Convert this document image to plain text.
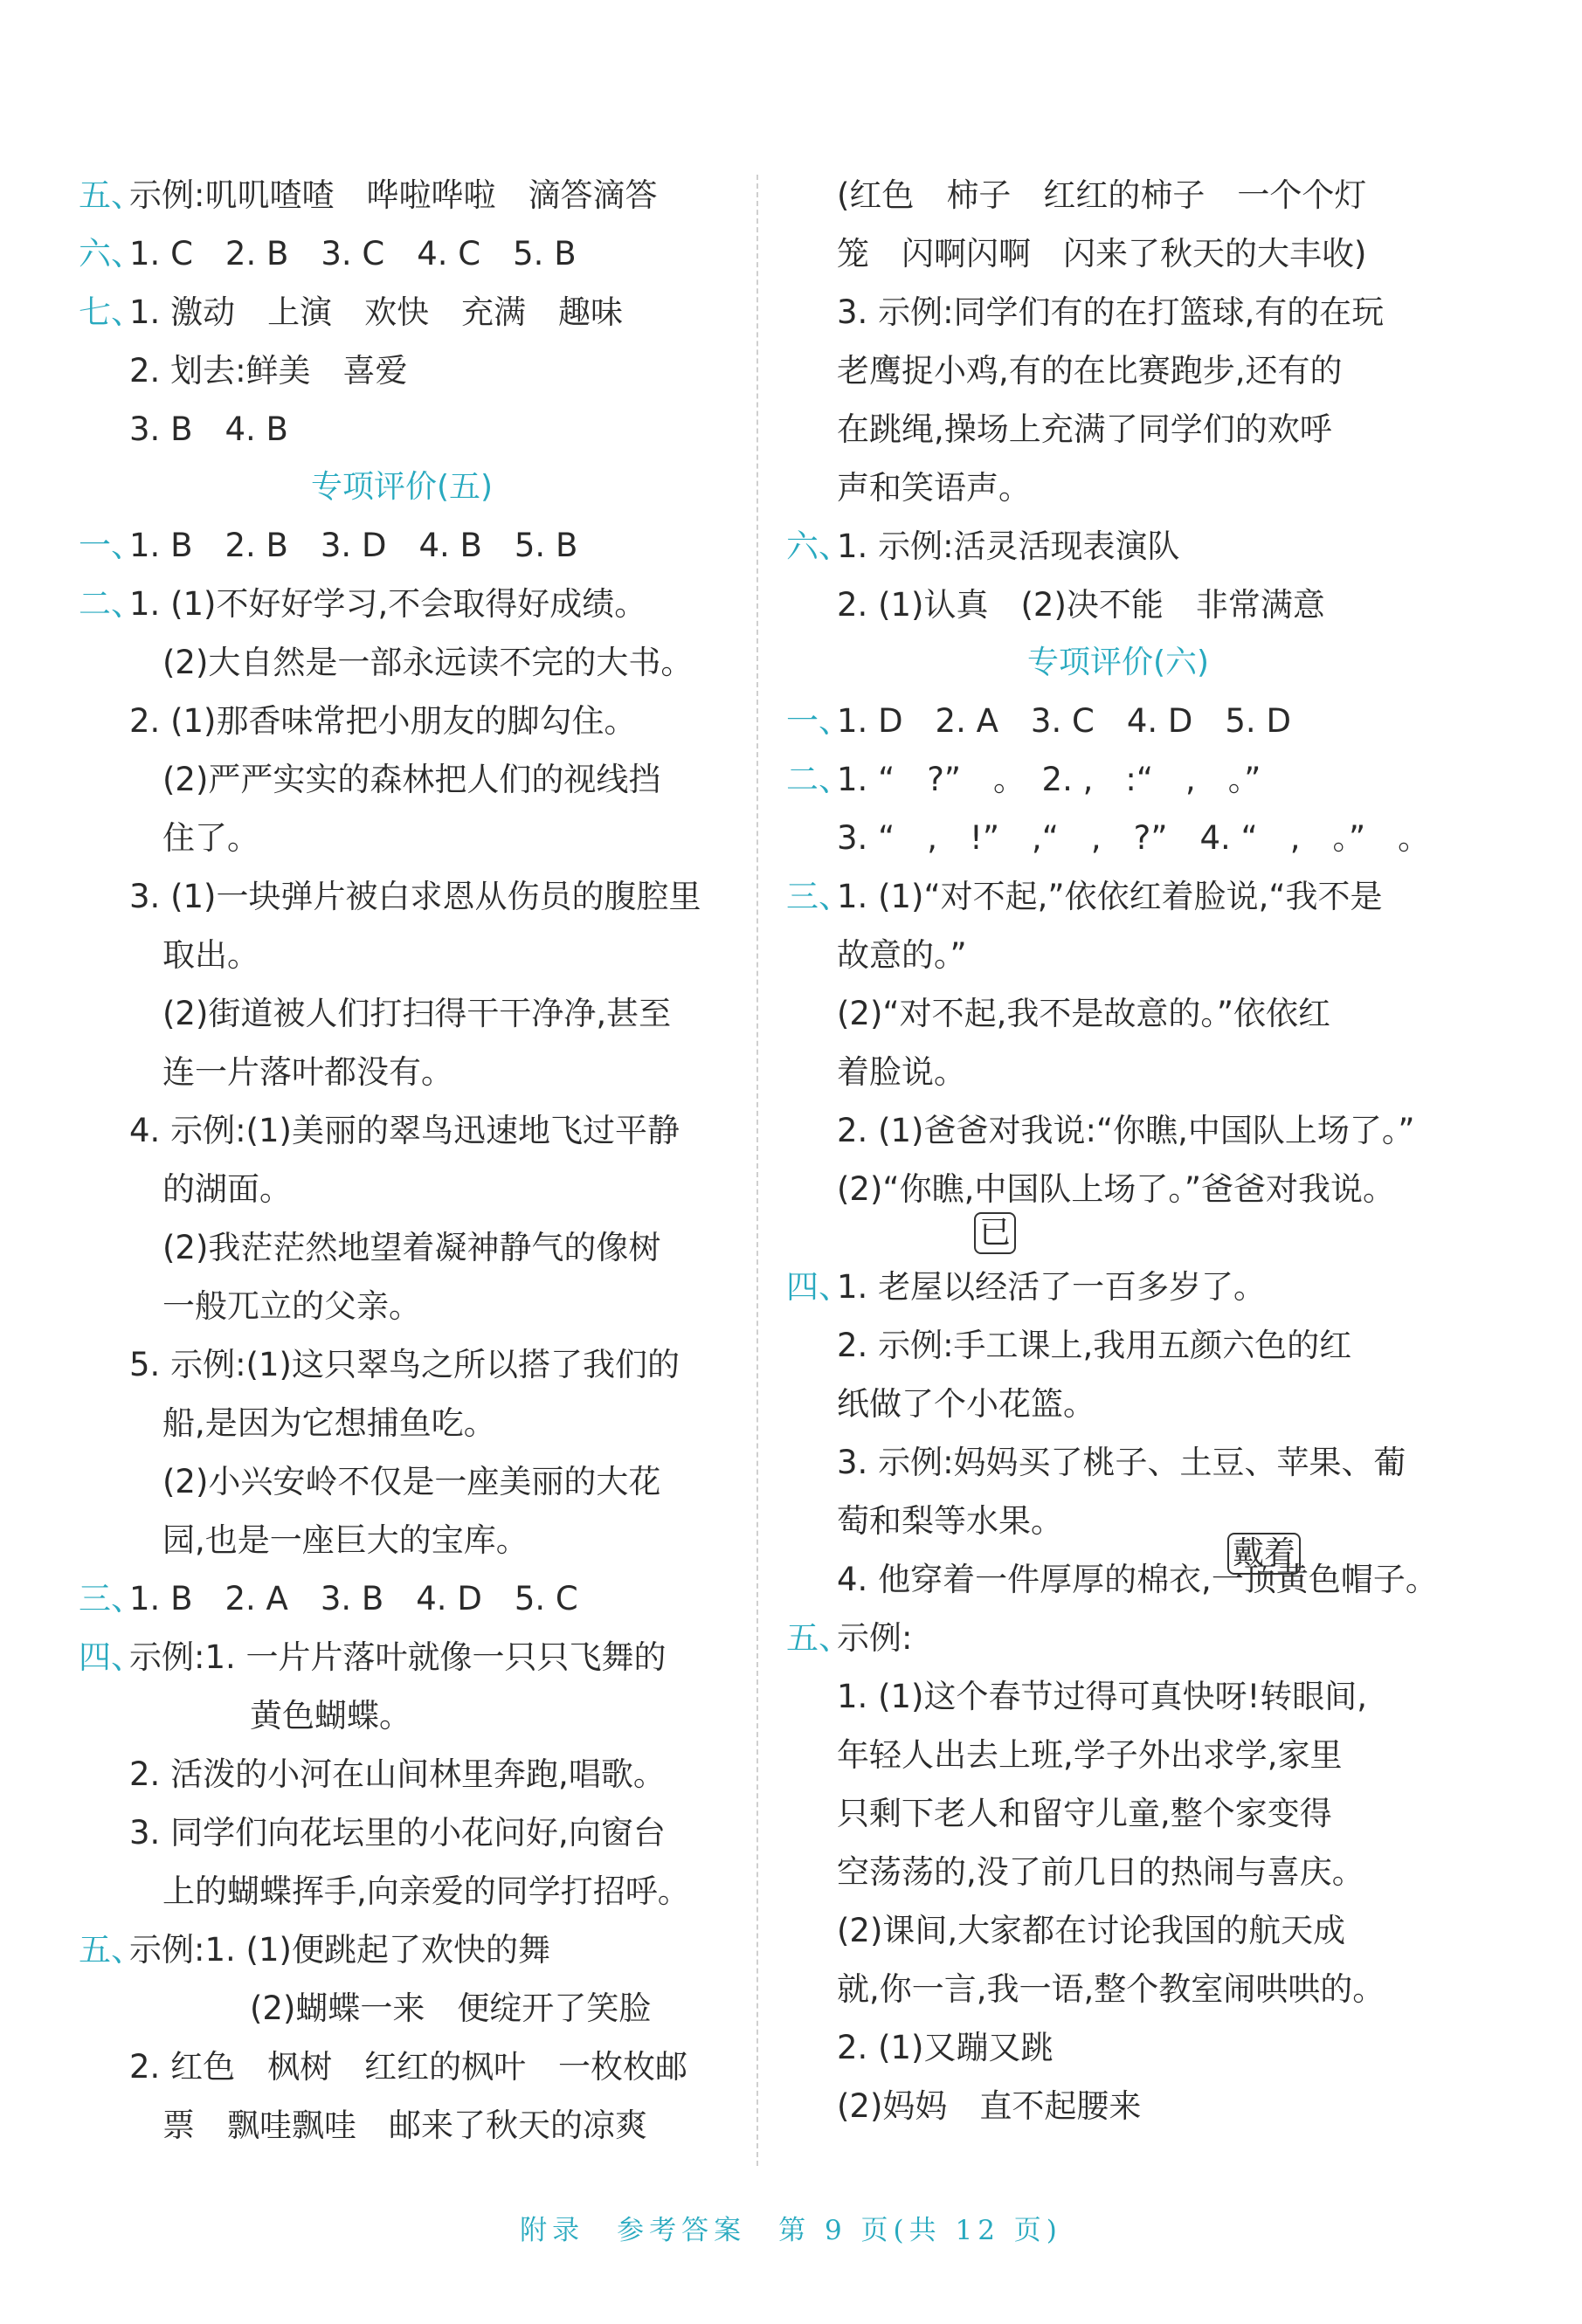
五、
示例:叽叽喳喳　哗啦哗啦　滴答滴答
六、
1. C　2. B　3. C　4. C　5. B
七、
1. 激动　上演　欢快　充满　趣味
2. 划去:鲜美　喜爱
3. B　4. B
专项评价(五)
一、
1. B　2. B　3. D　4. B　5. B
二、
1. (1)不好好学习,不会取得好成绩。
(2)大自然是一部永远读不完的大书。
2. (1)那香味常把小朋友的脚勾住。
(2)严严实实的森林把人们的视线挡
住了。
3. (1)一块弹片被白求恩从伤员的腹腔里
取出。
(2)街道被人们打扫得干干净净,甚至
连一片落叶都没有。
4. 示例:(1)美丽的翠鸟迅速地飞过平静
的湖面。
(2)我茫茫然地望着凝神静气的像树
一般兀立的父亲。
5. 示例:(1)这只翠鸟之所以搭了我们的
船,是因为它想捕鱼吃。
(2)小兴安岭不仅是一座美丽的大花
园,也是一座巨大的宝库。
三、
1. B　2. A　3. B　4. D　5. C
四、
示例:1. 一片片落叶就像一只只飞舞的
黄色蝴蝶。
2. 活泼的小河在山间林里奔跑,唱歌。
3. 同学们向花坛里的小花问好,向窗台
上的蝴蝶挥手,向亲爱的同学打招呼。
五、
示例:1. (1)便跳起了欢快的舞
(2)蝴蝶一来　便绽开了笑脸
2. 红色　枫树　红红的枫叶　一枚枚邮
票　飘哇飘哇　邮来了秋天的凉爽
(红色　柿子　红红的柿子　一个个灯
笼　闪啊闪啊　闪来了秋天的大丰收)
3. 示例:同学们有的在打篮球,有的在玩
老鹰捉小鸡,有的在比赛跑步,还有的
在跳绳,操场上充满了同学们的欢呼
声和笑语声。
六、
1. 示例:活灵活现表演队
2. (1)认真　(2)决不能　非常满意
专项评价(六)
一、
1. D　2. A　3. C　4. D　5. D
二、
1. “　?”　。　2. ,　:“　,　。”
3. “　,　!”　,“　,　?”　4. “　,　。”　。
三、
1. (1)“对不起,”依依红着脸说,“我不是
故意的。”
(2)“对不起,我不是故意的。”依依红
着脸说。
2. (1)爸爸对我说:“你瞧,中国队上场了。”
(2)“你瞧,中国队上场了。”爸爸对我说。
四、
1. 老屋以经活了一百多岁了。
2. 示例:手工课上,我用五颜六色的红
纸做了个小花篮。
3. 示例:妈妈买了桃子、土豆、苹果、葡
萄和梨等水果。
4. 他穿着一件厚厚的棉衣,一顶黄色帽子。
五、
示例:
1. (1)这个春节过得可真快呀!转眼间,
年轻人出去上班,学子外出求学,家里
只剩下老人和留守儿童,整个家变得
空荡荡的,没了前几日的热闹与喜庆。
(2)课间,大家都在讨论我国的航天成
就,你一言,我一语,整个教室闹哄哄的。
2. (1)又蹦又跳
(2)妈妈　直不起腰来
已
戴着
附录　参考答案　第 9 页(共 12 页)
